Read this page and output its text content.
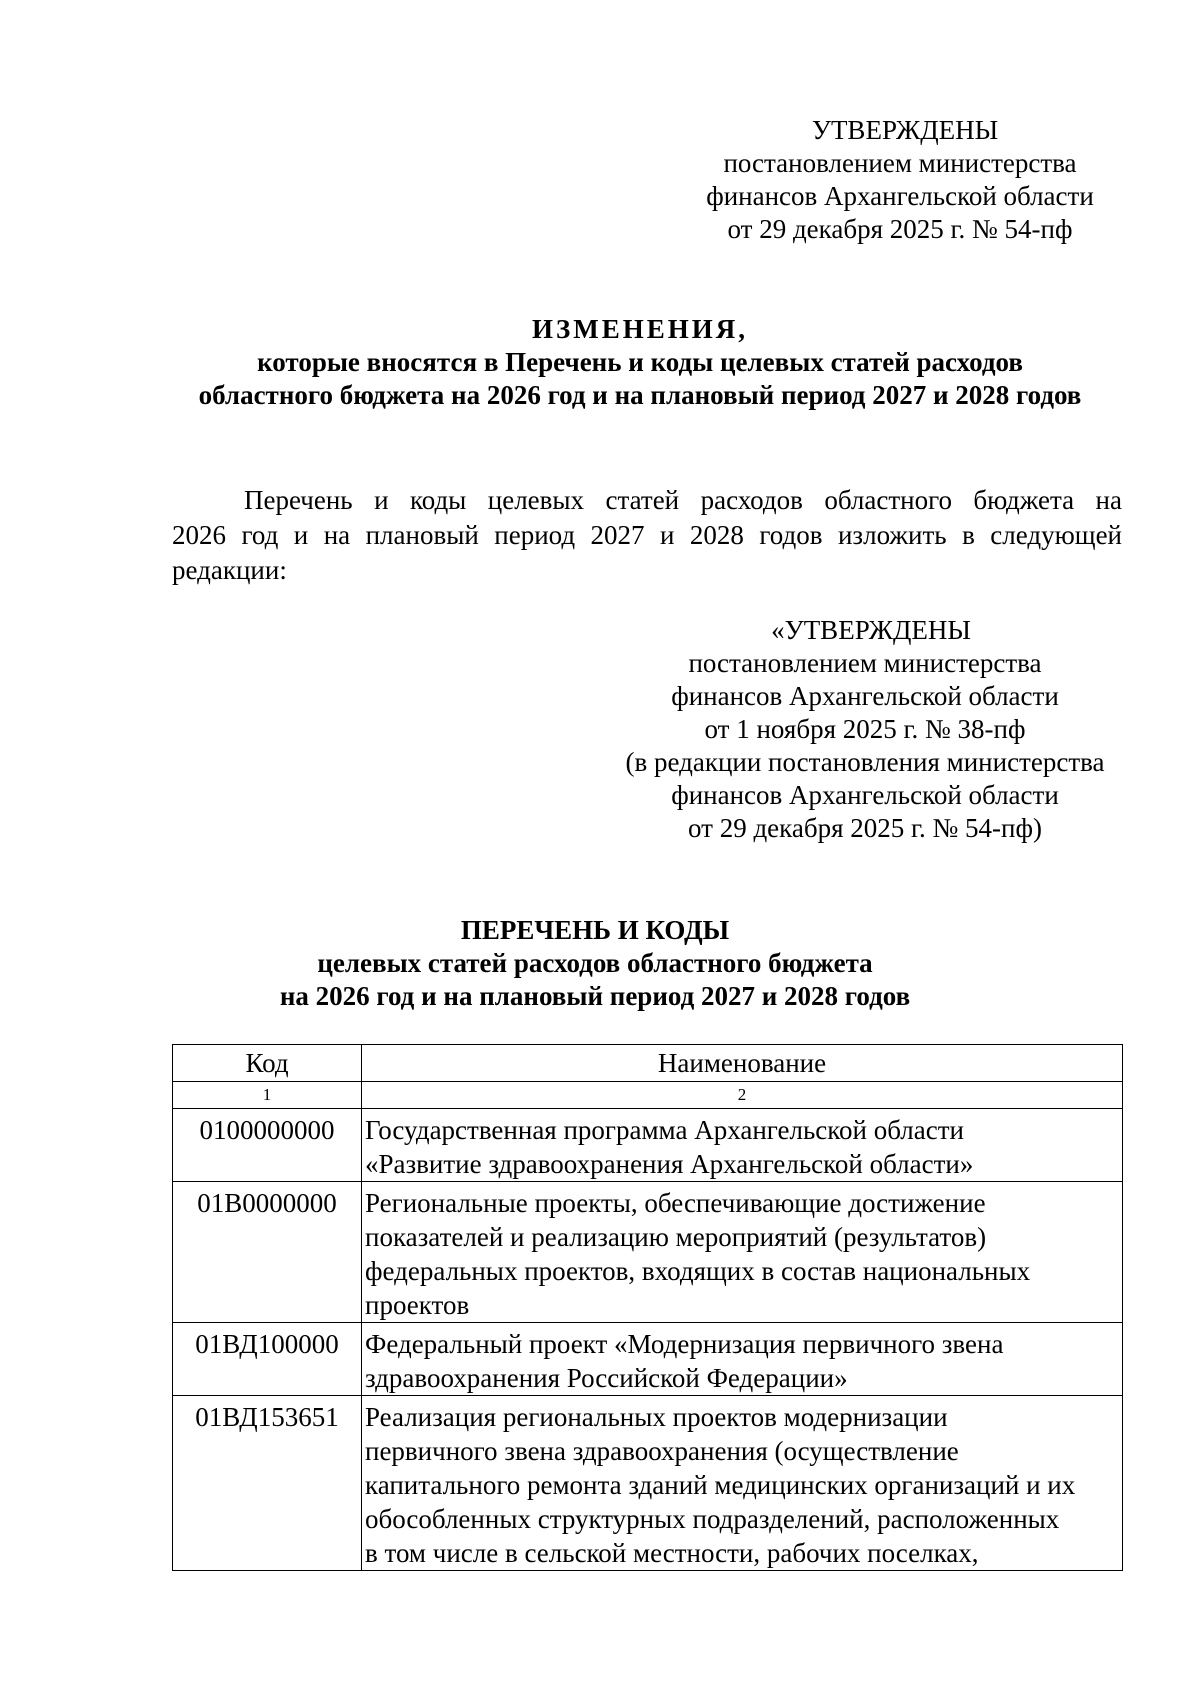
УТВЕРЖДЕНЫ
постановлением министерства
финансов Архангельской области
от 29 декабря 2025 г. № 54-пф
ИЗМЕНЕНИЯ,
которые вносятся в Перечень и коды целевых статей расходов
областного бюджета на 2026 год и на плановый период 2027 и 2028 годов
Перечень и коды целевых статей расходов областного бюджета на
2026 год и на плановый период 2027 и 2028 годов изложить в следующей
редакции:
«УТВЕРЖДЕНЫ
постановлением министерства
финансов Архангельской области
от 1 ноября 2025 г. № 38-пф
(в редакции постановления министерства
финансов Архангельской области
от 29 декабря 2025 г. № 54-пф)
ПЕРЕЧЕНЬ И КОДЫ
целевых статей расходов областного бюджета
на 2026 год и на плановый период 2027 и 2028 годов
Код	Наименование
1	2
0100000000	Государственная программа Архангельской области
«Развитие здравоохранения Архангельской области»

01В0000000	Региональные проекты, обеспечивающие достижение
показателей и реализацию мероприятий (результатов)
федеральных проектов, входящих в состав национальных
проектов

01ВД100000	Федеральный проект «Модернизация первичного звена
здравоохранения Российской Федерации»

01ВД153651	Реализация региональных проектов модернизации
первичного звена здравоохранения (осуществление
капитального ремонта зданий медицинских организаций и их
обособленных структурных подразделений, расположенных
в том числе в сельской местности, рабочих поселках,
